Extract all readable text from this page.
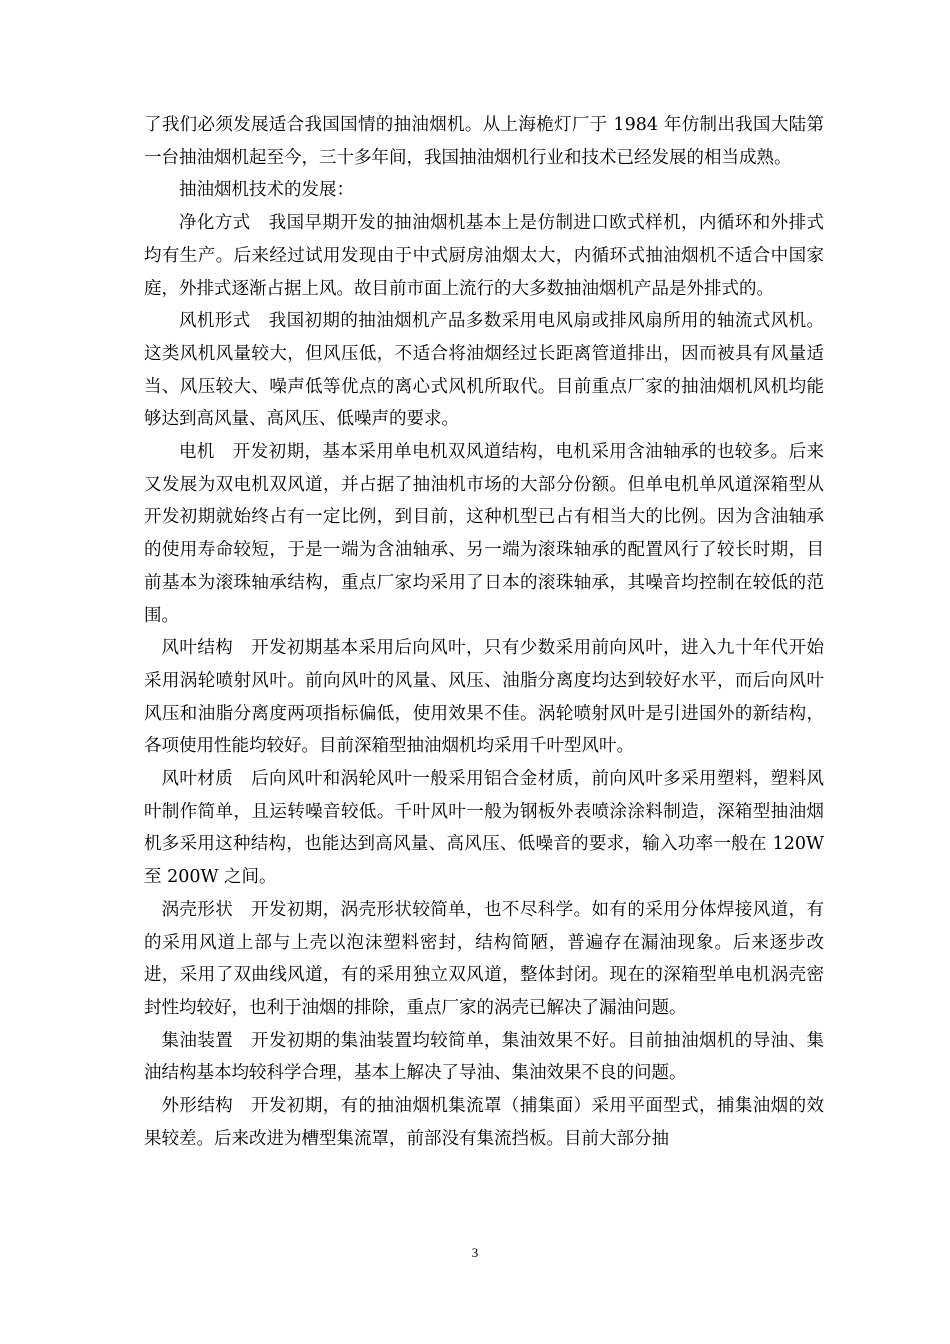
了我们必须发展适合我国国情的抽油烟机。从上海桅灯厂于 1984 年仿制出我国大陆第一台抽油烟机起至今，三十多年间，我国抽油烟机行业和技术已经发展的相当成熟。

抽油烟机技术的发展：

净化方式　我国早期开发的抽油烟机基本上是仿制进口欧式样机，内循环和外排式均有生产。后来经过试用发现由于中式厨房油烟太大，内循环式抽油烟机不适合中国家庭，外排式逐渐占据上风。故目前市面上流行的大多数抽油烟机产品是外排式的。

风机形式　我国初期的抽油烟机产品多数采用电风扇或排风扇所用的轴流式风机。这类风机风量较大，但风压低，不适合将油烟经过长距离管道排出，因而被具有风量适当、风压较大、噪声低等优点的离心式风机所取代。目前重点厂家的抽油烟机风机均能够达到高风量、高风压、低噪声的要求。

电机　开发初期，基本采用单电机双风道结构，电机采用含油轴承的也较多。后来又发展为双电机双风道，并占据了抽油机市场的大部分份额。但单电机单风道深箱型从开发初期就始终占有一定比例，到目前，这种机型已占有相当大的比例。因为含油轴承的使用寿命较短，于是一端为含油轴承、另一端为滚珠轴承的配置风行了较长时期，目前基本为滚珠轴承结构，重点厂家均采用了日本的滚珠轴承，其噪音均控制在较低的范围。

风叶结构　开发初期基本采用后向风叶，只有少数采用前向风叶，进入九十年代开始采用涡轮喷射风叶。前向风叶的风量、风压、油脂分离度均达到较好水平，而后向风叶风压和油脂分离度两项指标偏低，使用效果不佳。涡轮喷射风叶是引进国外的新结构，各项使用性能均较好。目前深箱型抽油烟机均采用千叶型风叶。

风叶材质　后向风叶和涡轮风叶一般采用铝合金材质，前向风叶多采用塑料，塑料风叶制作简单，且运转噪音较低。千叶风叶一般为钢板外表喷涂涂料制造，深箱型抽油烟机多采用这种结构，也能达到高风量、高风压、低噪音的要求，输入功率一般在 120W 至 200W 之间。

涡壳形状　开发初期，涡壳形状较简单，也不尽科学。如有的采用分体焊接风道，有的采用风道上部与上壳以泡沫塑料密封，结构简陋，普遍存在漏油现象。后来逐步改进，采用了双曲线风道，有的采用独立双风道，整体封闭。现在的深箱型单电机涡壳密封性均较好，也利于油烟的排除，重点厂家的涡壳已解决了漏油问题。

集油装置　开发初期的集油装置均较简单，集油效果不好。目前抽油烟机的导油、集油结构基本均较科学合理，基本上解决了导油、集油效果不良的问题。

外形结构　开发初期，有的抽油烟机集流罩（捕集面）采用平面型式，捕集油烟的效果较差。后来改进为槽型集流罩，前部没有集流挡板。目前大部分抽

3
